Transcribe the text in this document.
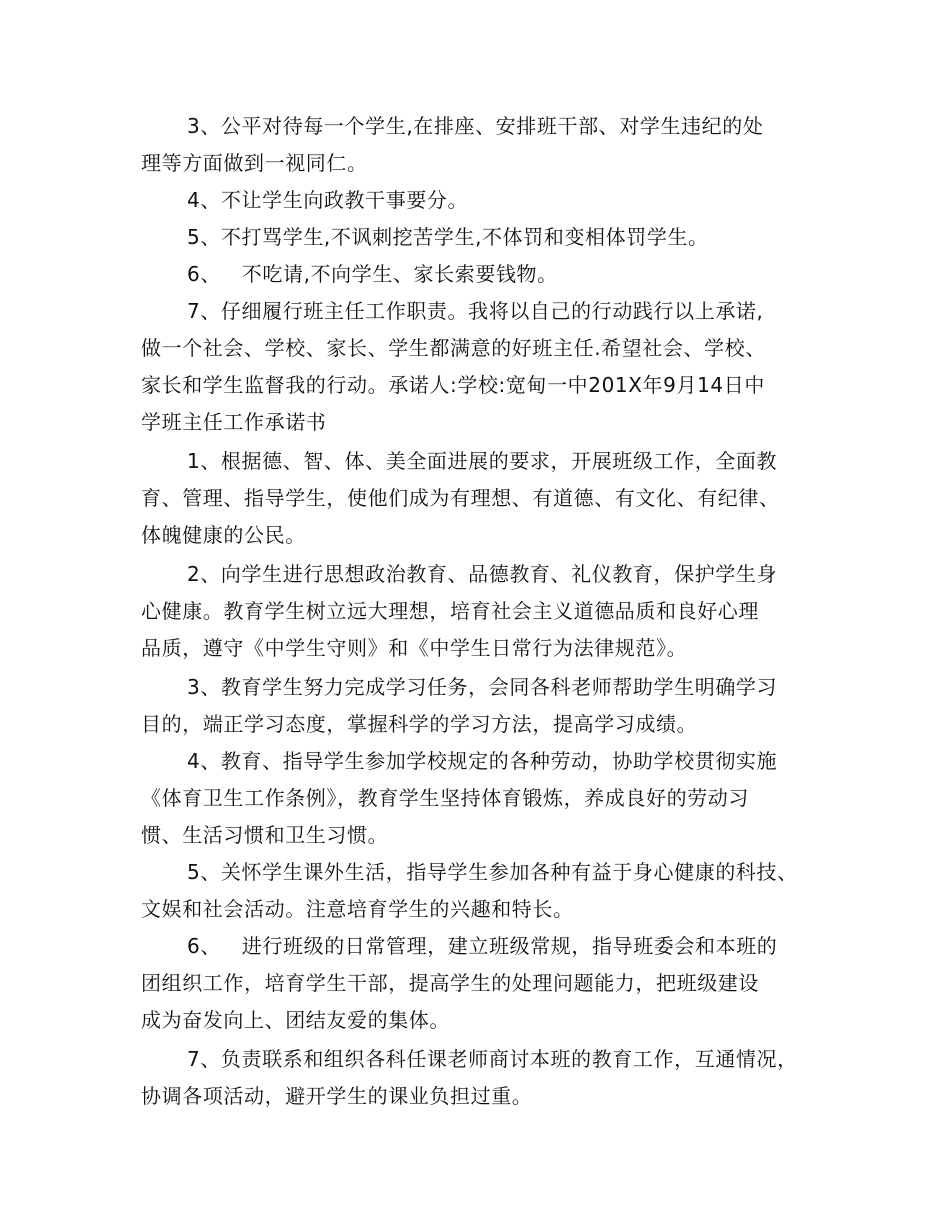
3、公平对待每一个学生,在排座、安排班干部、对学生违纪的处

理等方面做到一视同仁。

4、不让学生向政教干事要分。

5、不打骂学生,不讽刺挖苦学生,不体罚和变相体罚学生。

6、   不吃请,不向学生、家长索要钱物。

7、仔细履行班主任工作职责。我将以自己的行动践行以上承诺,

做一个社会、学校、家长、学生都满意的好班主任.希望社会、学校、

家长和学生监督我的行动。承诺人:学校:宽甸一中201X年9月14日中

学班主任工作承诺书

1、根据德、智、体、美全面进展的要求，开展班级工作，全面教

育、管理、指导学生，使他们成为有理想、有道德、有文化、有纪律、

体魄健康的公民。

2、向学生进行思想政治教育、品德教育、礼仪教育，保护学生身

心健康。教育学生树立远大理想，培育社会主义道德品质和良好心理

品质，遵守《中学生守则》和《中学生日常行为法律规范》。

3、教育学生努力完成学习任务，会同各科老师帮助学生明确学习

目的，端正学习态度，掌握科学的学习方法，提高学习成绩。

4、教育、指导学生参加学校规定的各种劳动，协助学校贯彻实施

《体育卫生工作条例》，教育学生坚持体育锻炼，养成良好的劳动习

惯、生活习惯和卫生习惯。

5、关怀学生课外生活，指导学生参加各种有益于身心健康的科技、

文娱和社会活动。注意培育学生的兴趣和特长。

6、   进行班级的日常管理，建立班级常规，指导班委会和本班的

团组织工作，培育学生干部，提高学生的处理问题能力，把班级建设

成为奋发向上、团结友爱的集体。

7、负责联系和组织各科任课老师商讨本班的教育工作，互通情况，

协调各项活动，避开学生的课业负担过重。
